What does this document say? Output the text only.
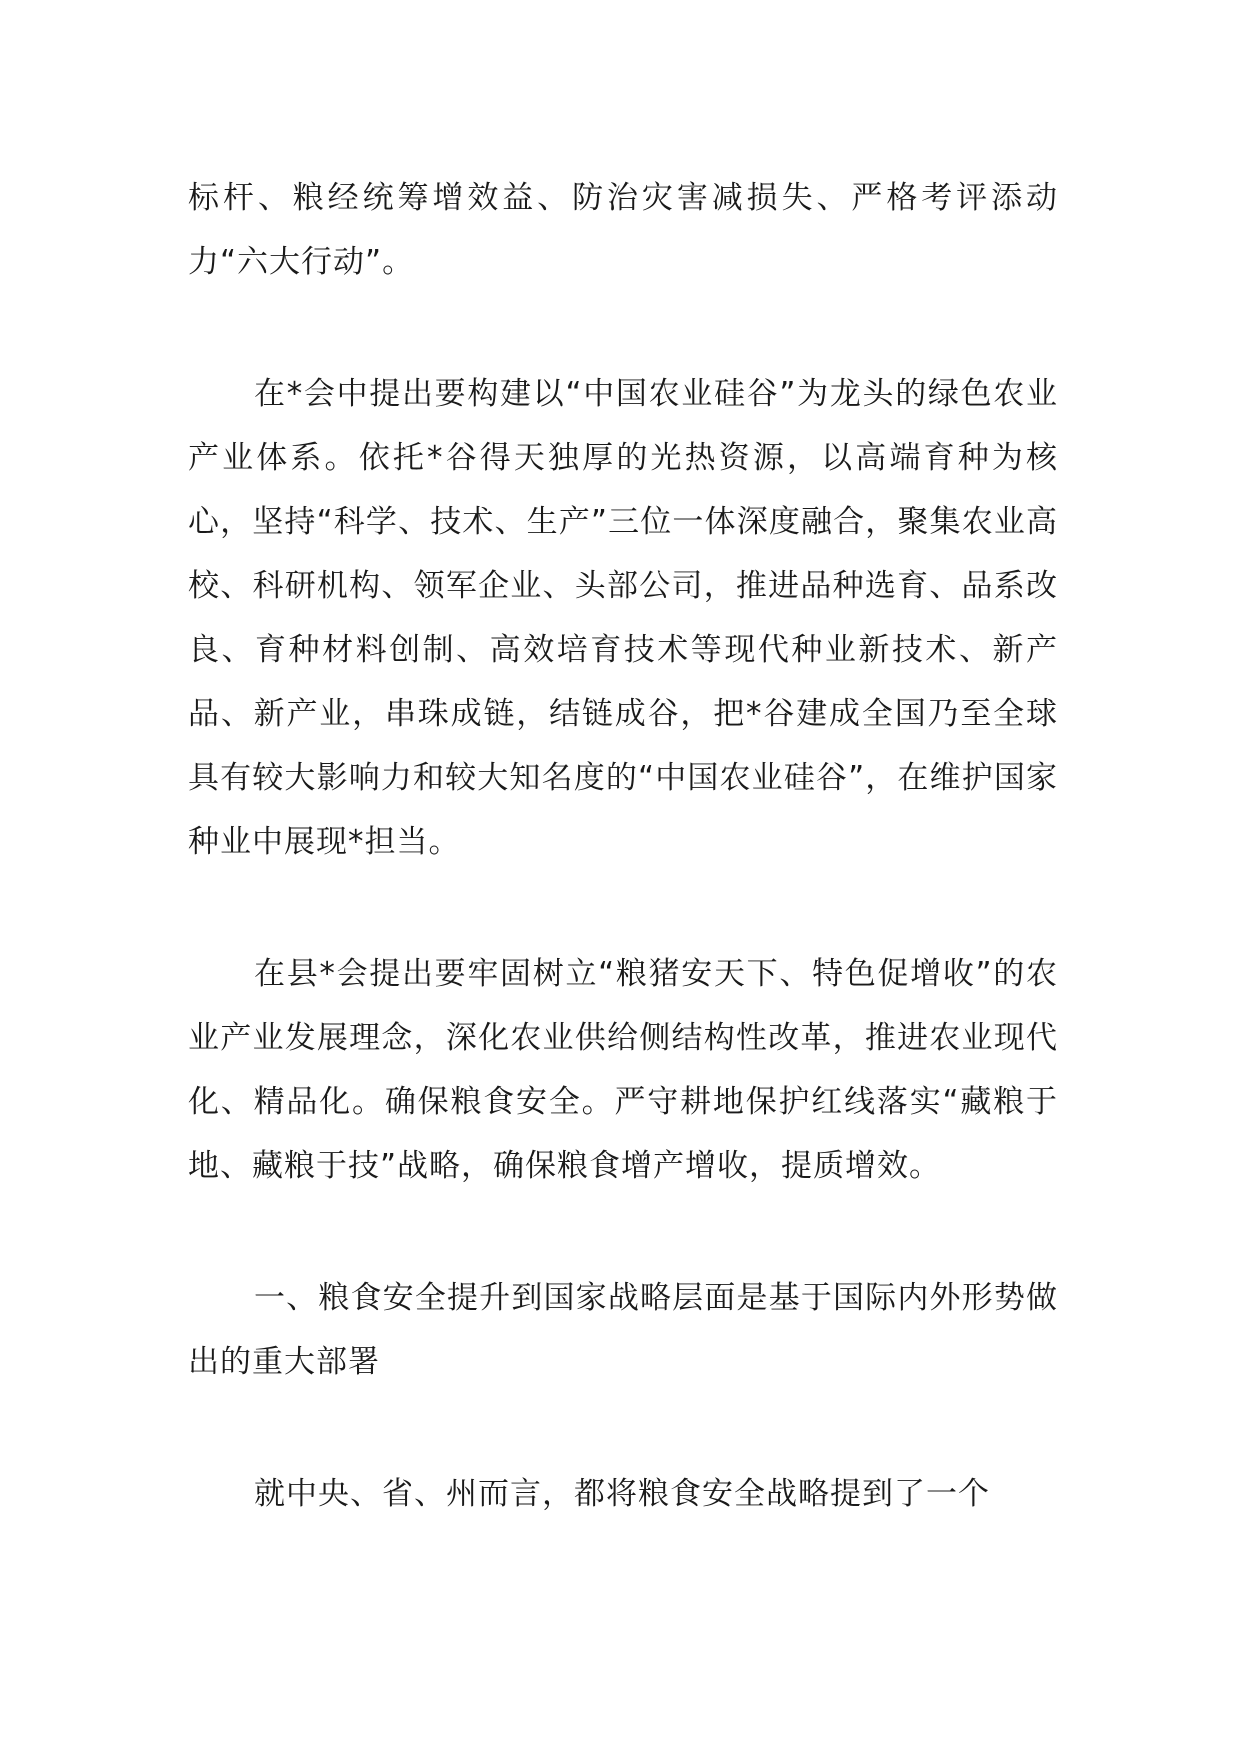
标杆、粮经统筹增效益、防治灾害减损失、严格考评添动力“六大行动”。

在*会中提出要构建以“中国农业硅谷”为龙头的绿色农业产业体系。依托*谷得天独厚的光热资源，以高端育种为核心，坚持“科学、技术、生产”三位一体深度融合，聚集农业高校、科研机构、领军企业、头部公司，推进品种选育、品系改良、育种材料创制、高效培育技术等现代种业新技术、新产品、新产业，串珠成链，结链成谷，把*谷建成全国乃至全球具有较大影响力和较大知名度的“中国农业硅谷”，在维护国家种业中展现*担当。

在县*会提出要牢固树立“粮猪安天下、特色促增收”的农业产业发展理念，深化农业供给侧结构性改革，推进农业现代化、精品化。确保粮食安全。严守耕地保护红线落实“藏粮于地、藏粮于技”战略，确保粮食增产增收，提质增效。

一、粮食安全提升到国家战略层面是基于国际内外形势做出的重大部署

就中央、省、州而言，都将粮食安全战略提到了一个
